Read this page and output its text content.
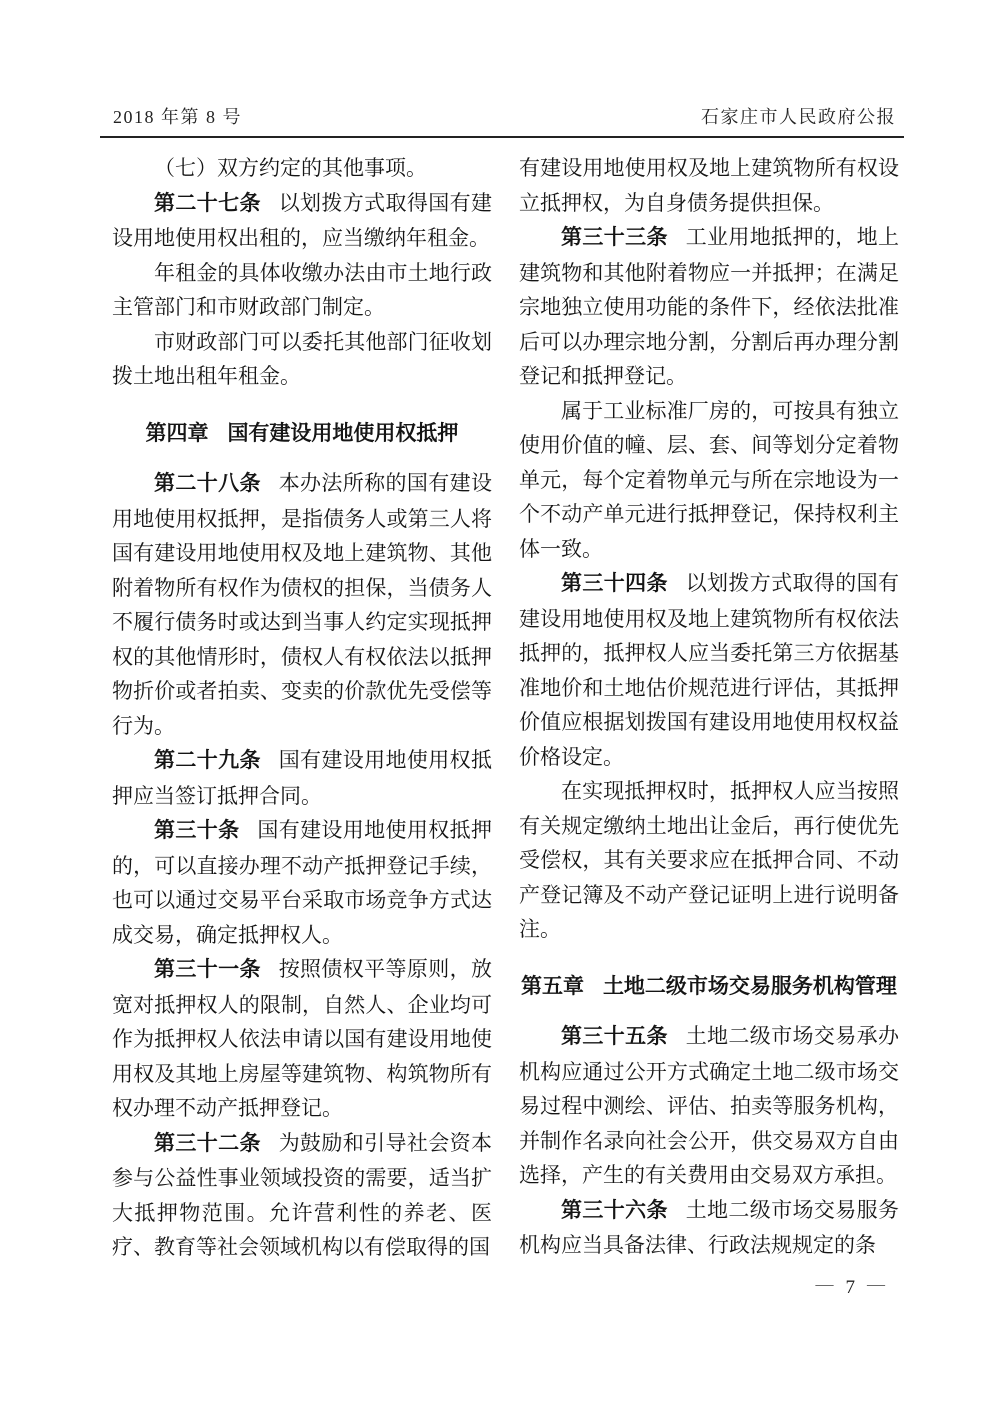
2018 年第 8 号	石家庄市人民政府公报

（七）双方约定的其他事项。

第二十七条 以划拨方式取得国有建设用地使用权出租的，应当缴纳年租金。

年租金的具体收缴办法由市土地行政主管部门和市财政部门制定。

市财政部门可以委托其他部门征收划拨土地出租年租金。

第四章 国有建设用地使用权抵押

第二十八条 本办法所称的国有建设用地使用权抵押，是指债务人或第三人将国有建设用地使用权及地上建筑物、其他附着物所有权作为债权的担保，当债务人不履行债务时或达到当事人约定实现抵押权的其他情形时，债权人有权依法以抵押物折价或者拍卖、变卖的价款优先受偿等行为。

第二十九条 国有建设用地使用权抵押应当签订抵押合同。

第三十条 国有建设用地使用权抵押的，可以直接办理不动产抵押登记手续，也可以通过交易平台采取市场竞争方式达成交易，确定抵押权人。

第三十一条 按照债权平等原则，放宽对抵押权人的限制，自然人、企业均可作为抵押权人依法申请以国有建设用地使用权及其地上房屋等建筑物、构筑物所有权办理不动产抵押登记。

第三十二条 为鼓励和引导社会资本参与公益性事业领域投资的需要，适当扩大抵押物范围。允许营利性的养老、医疗、教育等社会领域机构以有偿取得的国

有建设用地使用权及地上建筑物所有权设立抵押权，为自身债务提供担保。

第三十三条 工业用地抵押的，地上建筑物和其他附着物应一并抵押；在满足宗地独立使用功能的条件下，经依法批准后可以办理宗地分割，分割后再办理分割登记和抵押登记。

属于工业标准厂房的，可按具有独立使用价值的幢、层、套、间等划分定着物单元，每个定着物单元与所在宗地设为一个不动产单元进行抵押登记，保持权利主体一致。

第三十四条 以划拨方式取得的国有建设用地使用权及地上建筑物所有权依法抵押的，抵押权人应当委托第三方依据基准地价和土地估价规范进行评估，其抵押价值应根据划拨国有建设用地使用权权益价格设定。

在实现抵押权时，抵押权人应当按照有关规定缴纳土地出让金后，再行使优先受偿权，其有关要求应在抵押合同、不动产登记簿及不动产登记证明上进行说明备注。

第五章 土地二级市场交易服务机构管理

第三十五条 土地二级市场交易承办机构应通过公开方式确定土地二级市场交易过程中测绘、评估、拍卖等服务机构，并制作名录向社会公开，供交易双方自由选择，产生的有关费用由交易双方承担。

第三十六条 土地二级市场交易服务机构应当具备法律、行政法规规定的条

— 7 —
